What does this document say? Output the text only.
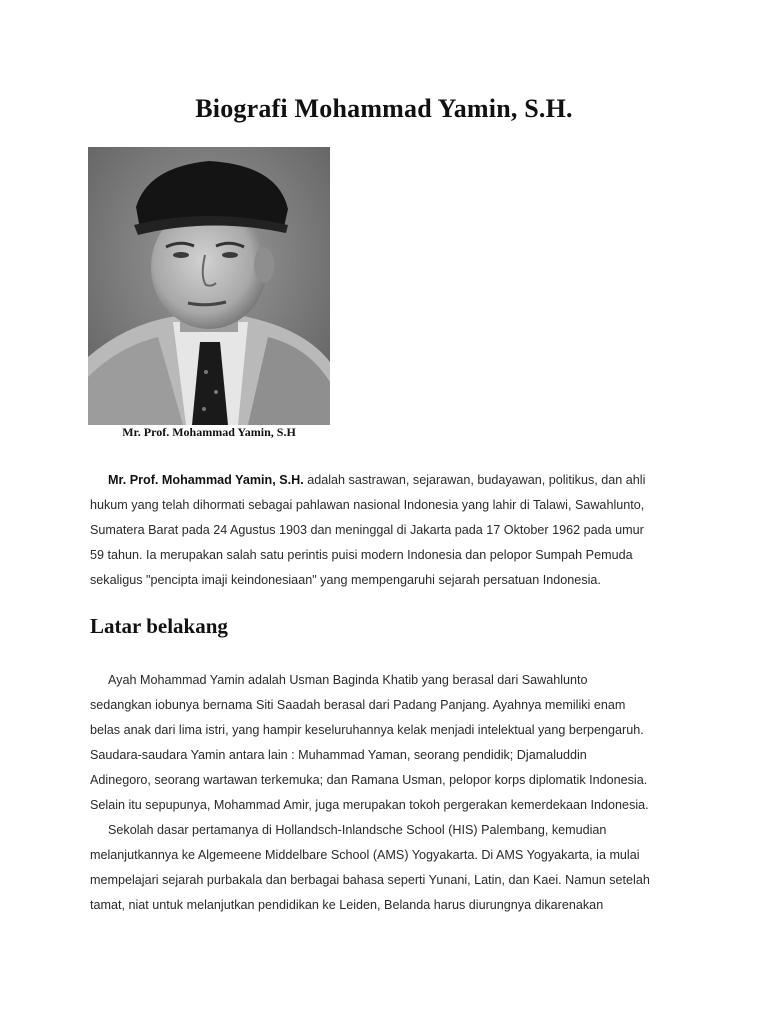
Biografi Mohammad Yamin, S.H.
Mr. Prof. Mohammad Yamin, S.H
Mr. Prof. Mohammad Yamin, S.H. adalah sastrawan, sejarawan, budayawan, politikus, dan ahli
hukum yang telah dihormati sebagai pahlawan nasional Indonesia yang lahir di Talawi, Sawahlunto,
Sumatera Barat pada 24 Agustus 1903 dan meninggal di Jakarta pada 17 Oktober 1962 pada umur
59 tahun. Ia merupakan salah satu perintis puisi modern Indonesia dan pelopor Sumpah Pemuda
sekaligus "pencipta imaji keindonesiaan" yang mempengaruhi sejarah persatuan Indonesia.
Latar belakang
Ayah Mohammad Yamin adalah Usman Baginda Khatib yang berasal dari Sawahlunto
sedangkan iobunya bernama Siti Saadah berasal dari Padang Panjang. Ayahnya memiliki enam
belas anak dari lima istri, yang hampir keseluruhannya kelak menjadi intelektual yang berpengaruh.
Saudara-saudara Yamin antara lain : Muhammad Yaman, seorang pendidik; Djamaluddin
Adinegoro, seorang wartawan terkemuka; dan Ramana Usman, pelopor korps diplomatik Indonesia.
Selain itu sepupunya, Mohammad Amir, juga merupakan tokoh pergerakan kemerdekaan Indonesia.
Sekolah dasar pertamanya di Hollandsch-Inlandsche School (HIS) Palembang, kemudian
melanjutkannya ke Algemeene Middelbare School (AMS) Yogyakarta. Di AMS Yogyakarta, ia mulai
mempelajari sejarah purbakala dan berbagai bahasa seperti Yunani, Latin, dan Kaei. Namun setelah
tamat, niat untuk melanjutkan pendidikan ke Leiden, Belanda harus diurungnya dikarenakan
